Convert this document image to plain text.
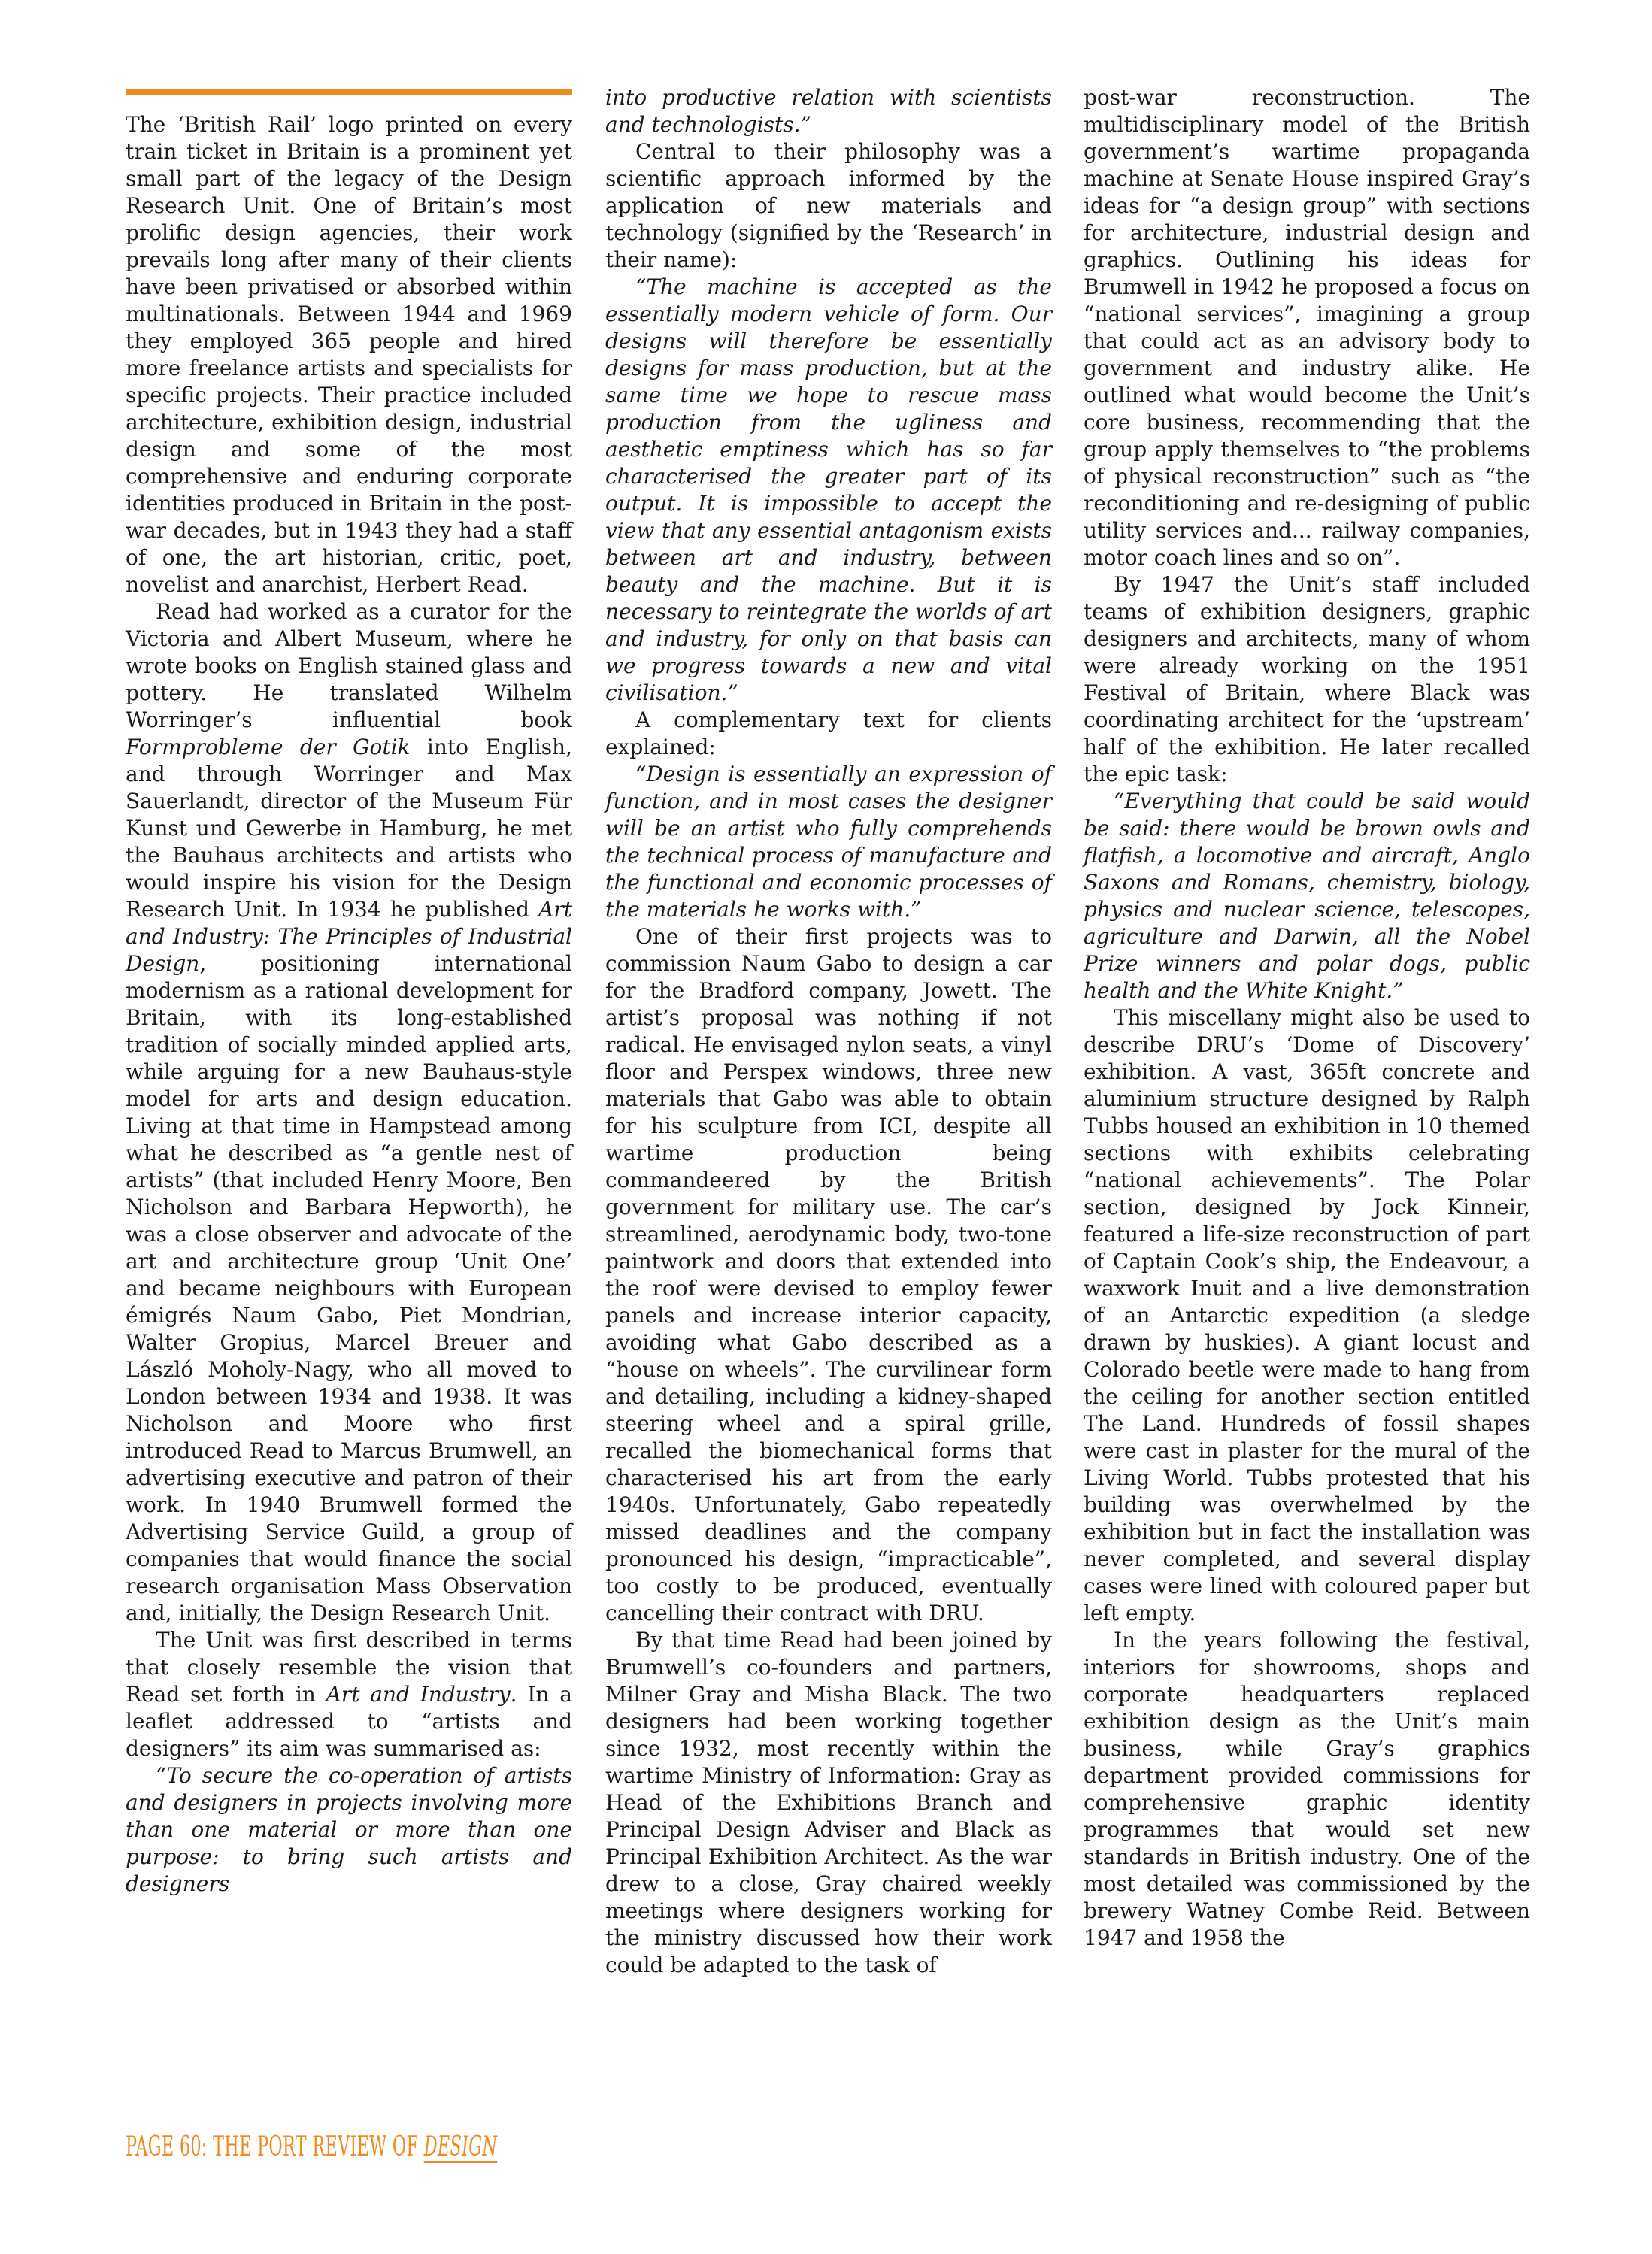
The ‘British Rail’ logo printed on every train ticket in Britain is a prominent yet small part of the legacy of the Design Research Unit. One of Britain’s most prolific design agencies, their work prevails long after many of their clients have been privatised or absorbed within multinationals. Between 1944 and 1969 they employed 365 people and hired more freelance artists and specialists for specific projects. Their practice included architecture, exhibition design, industrial design and some of the most comprehensive and enduring corporate identities produced in Britain in the post-war decades, but in 1943 they had a staff of one, the art historian, critic, poet, novelist and anarchist, Herbert Read.

Read had worked as a curator for the Victoria and Albert Museum, where he wrote books on English stained glass and pottery. He translated Wilhelm Worringer’s influential book Formprobleme der Gotik into English, and through Worringer and Max Sauerlandt, director of the Museum Für Kunst und Gewerbe in Hamburg, he met the Bauhaus architects and artists who would inspire his vision for the Design Research Unit. In 1934 he published Art and Industry: The Principles of Industrial Design, positioning international modernism as a rational development for Britain, with its long-established tradition of socially minded applied arts, while arguing for a new Bauhaus-style model for arts and design education. Living at that time in Hampstead among what he described as “a gentle nest of artists” (that included Henry Moore, Ben Nicholson and Barbara Hepworth), he was a close observer and advocate of the art and architecture group ‘Unit One’ and became neighbours with European émigrés Naum Gabo, Piet Mondrian, Walter Gropius, Marcel Breuer and László Moholy-Nagy, who all moved to London between 1934 and 1938. It was Nicholson and Moore who first introduced Read to Marcus Brumwell, an advertising executive and patron of their work. In 1940 Brumwell formed the Advertising Service Guild, a group of companies that would finance the social research organisation Mass Observation and, initially, the Design Research Unit.

The Unit was first described in terms that closely resemble the vision that Read set forth in Art and Industry. In a leaflet addressed to “artists and designers” its aim was summarised as:

“To secure the co-operation of artists and designers in projects involving more than one material or more than one purpose: to bring such artists and designers

into productive relation with scientists and technologists.”

Central to their philosophy was a scientific approach informed by the application of new materials and technology (signified by the ‘Research’ in their name):

“The machine is accepted as the essentially modern vehicle of form. Our designs will therefore be essentially designs for mass production, but at the same time we hope to rescue mass production from the ugliness and aesthetic emptiness which has so far characterised the greater part of its output. It is impossible to accept the view that any essential antagonism exists between art and industry, between beauty and the machine. But it is necessary to reintegrate the worlds of art and industry, for only on that basis can we progress towards a new and vital civilisation.”

A complementary text for clients explained:

“Design is essentially an expression of function, and in most cases the designer will be an artist who fully comprehends the technical process of manufacture and the functional and economic processes of the materials he works with.”

One of their first projects was to commission Naum Gabo to design a car for the Bradford company, Jowett. The artist’s proposal was nothing if not radical. He envisaged nylon seats, a vinyl floor and Perspex windows, three new materials that Gabo was able to obtain for his sculpture from ICI, despite all wartime production being commandeered by the British government for military use. The car’s streamlined, aerodynamic body, two-tone paintwork and doors that extended into the roof were devised to employ fewer panels and increase interior capacity, avoiding what Gabo described as a “house on wheels”. The curvilinear form and detailing, including a kidney-shaped steering wheel and a spiral grille, recalled the biomechanical forms that characterised his art from the early 1940s. Unfortunately, Gabo repeatedly missed deadlines and the company pronounced his design, “impracticable”, too costly to be produced, eventually cancelling their contract with DRU.

By that time Read had been joined by Brumwell’s co-founders and partners, Milner Gray and Misha Black. The two designers had been working together since 1932, most recently within the wartime Ministry of Information: Gray as Head of the Exhibitions Branch and Principal Design Adviser and Black as Principal Exhibition Architect. As the war drew to a close, Gray chaired weekly meetings where designers working for the ministry discussed how their work could be adapted to the task of

post-war reconstruction. The multidisciplinary model of the British government’s wartime propaganda machine at Senate House inspired Gray’s ideas for “a design group” with sections for architecture, industrial design and graphics. Outlining his ideas for Brumwell in 1942 he proposed a focus on “national services”, imagining a group that could act as an advisory body to government and industry alike. He outlined what would become the Unit’s core business, recommending that the group apply themselves to “the problems of physical reconstruction” such as “the reconditioning and re-designing of public utility services and... railway companies, motor coach lines and so on”.

By 1947 the Unit’s staff included teams of exhibition designers, graphic designers and architects, many of whom were already working on the 1951 Festival of Britain, where Black was coordinating architect for the ‘upstream’ half of the exhibition. He later recalled the epic task:

“Everything that could be said would be said: there would be brown owls and flatfish, a locomotive and aircraft, Anglo Saxons and Romans, chemistry, biology, physics and nuclear science, telescopes, agriculture and Darwin, all the Nobel Prize winners and polar dogs, public health and the White Knight.”

This miscellany might also be used to describe DRU’s ‘Dome of Discovery’ exhibition. A vast, 365ft concrete and aluminium structure designed by Ralph Tubbs housed an exhibition in 10 themed sections with exhibits celebrating “national achievements”. The Polar section, designed by Jock Kinneir, featured a life-size reconstruction of part of Captain Cook’s ship, the Endeavour, a waxwork Inuit and a live demonstration of an Antarctic expedition (a sledge drawn by huskies). A giant locust and Colorado beetle were made to hang from the ceiling for another section entitled The Land. Hundreds of fossil shapes were cast in plaster for the mural of the Living World. Tubbs protested that his building was overwhelmed by the exhibition but in fact the installation was never completed, and several display cases were lined with coloured paper but left empty.

In the years following the festival, interiors for showrooms, shops and corporate headquarters replaced exhibition design as the Unit’s main business, while Gray’s graphics department provided commissions for comprehensive graphic identity programmes that would set new standards in British industry. One of the most detailed was commissioned by the brewery Watney Combe Reid. Between 1947 and 1958 the

PAGE 60: THE PORT REVIEW OF DESIGN
